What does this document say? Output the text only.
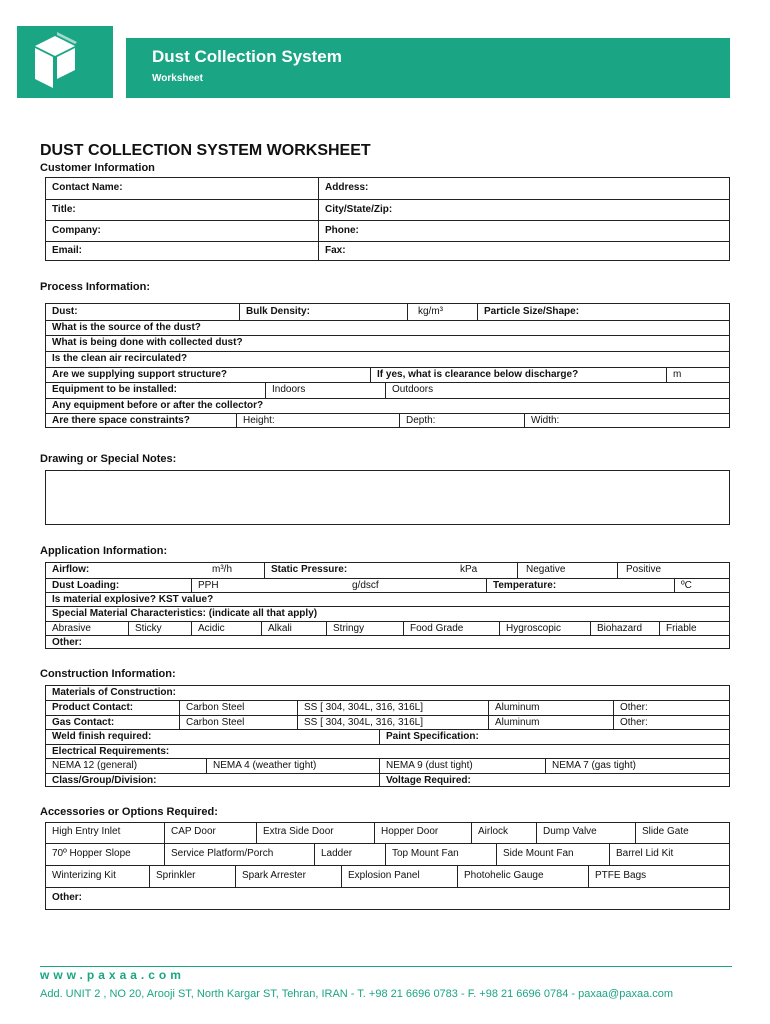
Dust Collection System
Worksheet
DUST COLLECTION SYSTEM WORKSHEET
Customer Information
Contact Name:	Address:
Title:	City/State/Zip:
Company:	Phone:
Email:	Fax:
Process Information:
Dust:	Bulk Density:	kg/m³	Particle Size/Shape:
What is the source of the dust?
What is being done with collected dust?
Is the clean air recirculated?
Are we supplying support structure?	If yes, what is clearance below discharge?	m
Equipment to be installed:	Indoors	Outdoors
Any equipment before or after the collector?
Are there space constraints?	Height:	Depth:	Width:
Drawing or Special Notes:
Application Information:
Airflow:	m³/h	Static Pressure:	kPa	Negative	Positive
Dust Loading:	PPH	g/dscf	Temperature:	ºC
Is material explosive? KST value?
Special Material Characteristics: (indicate all that apply)
Abrasive	Sticky	Acidic	Alkali	Stringy	Food Grade	Hygroscopic	Biohazard	Friable
Other:
Construction Information:
Materials of Construction:
Product Contact:	Carbon Steel	SS [ 304, 304L, 316, 316L]	Aluminum	Other:
Gas Contact:	Carbon Steel	SS [ 304, 304L, 316, 316L]	Aluminum	Other:
Weld finish required:	Paint Specification:
Electrical Requirements:
NEMA 12 (general)	NEMA 4 (weather tight)	NEMA 9 (dust tight)	NEMA 7 (gas tight)
Class/Group/Division:	Voltage Required:
Accessories or Options Required:
High Entry Inlet	CAP Door	Extra Side Door	Hopper Door	Airlock	Dump Valve	Slide Gate
70º Hopper Slope	Service Platform/Porch	Ladder	Top Mount Fan	Side Mount Fan	Barrel Lid Kit
Winterizing Kit	Sprinkler	Spark Arrester	Explosion Panel	Photohelic Gauge	PTFE Bags
Other:
www.paxaa.com
Add. UNIT 2 , NO 20, Arooji ST, North Kargar ST, Tehran, IRAN - T. +98 21 6696 0783 - F. +98 21 6696 0784 - paxaa@paxaa.com
